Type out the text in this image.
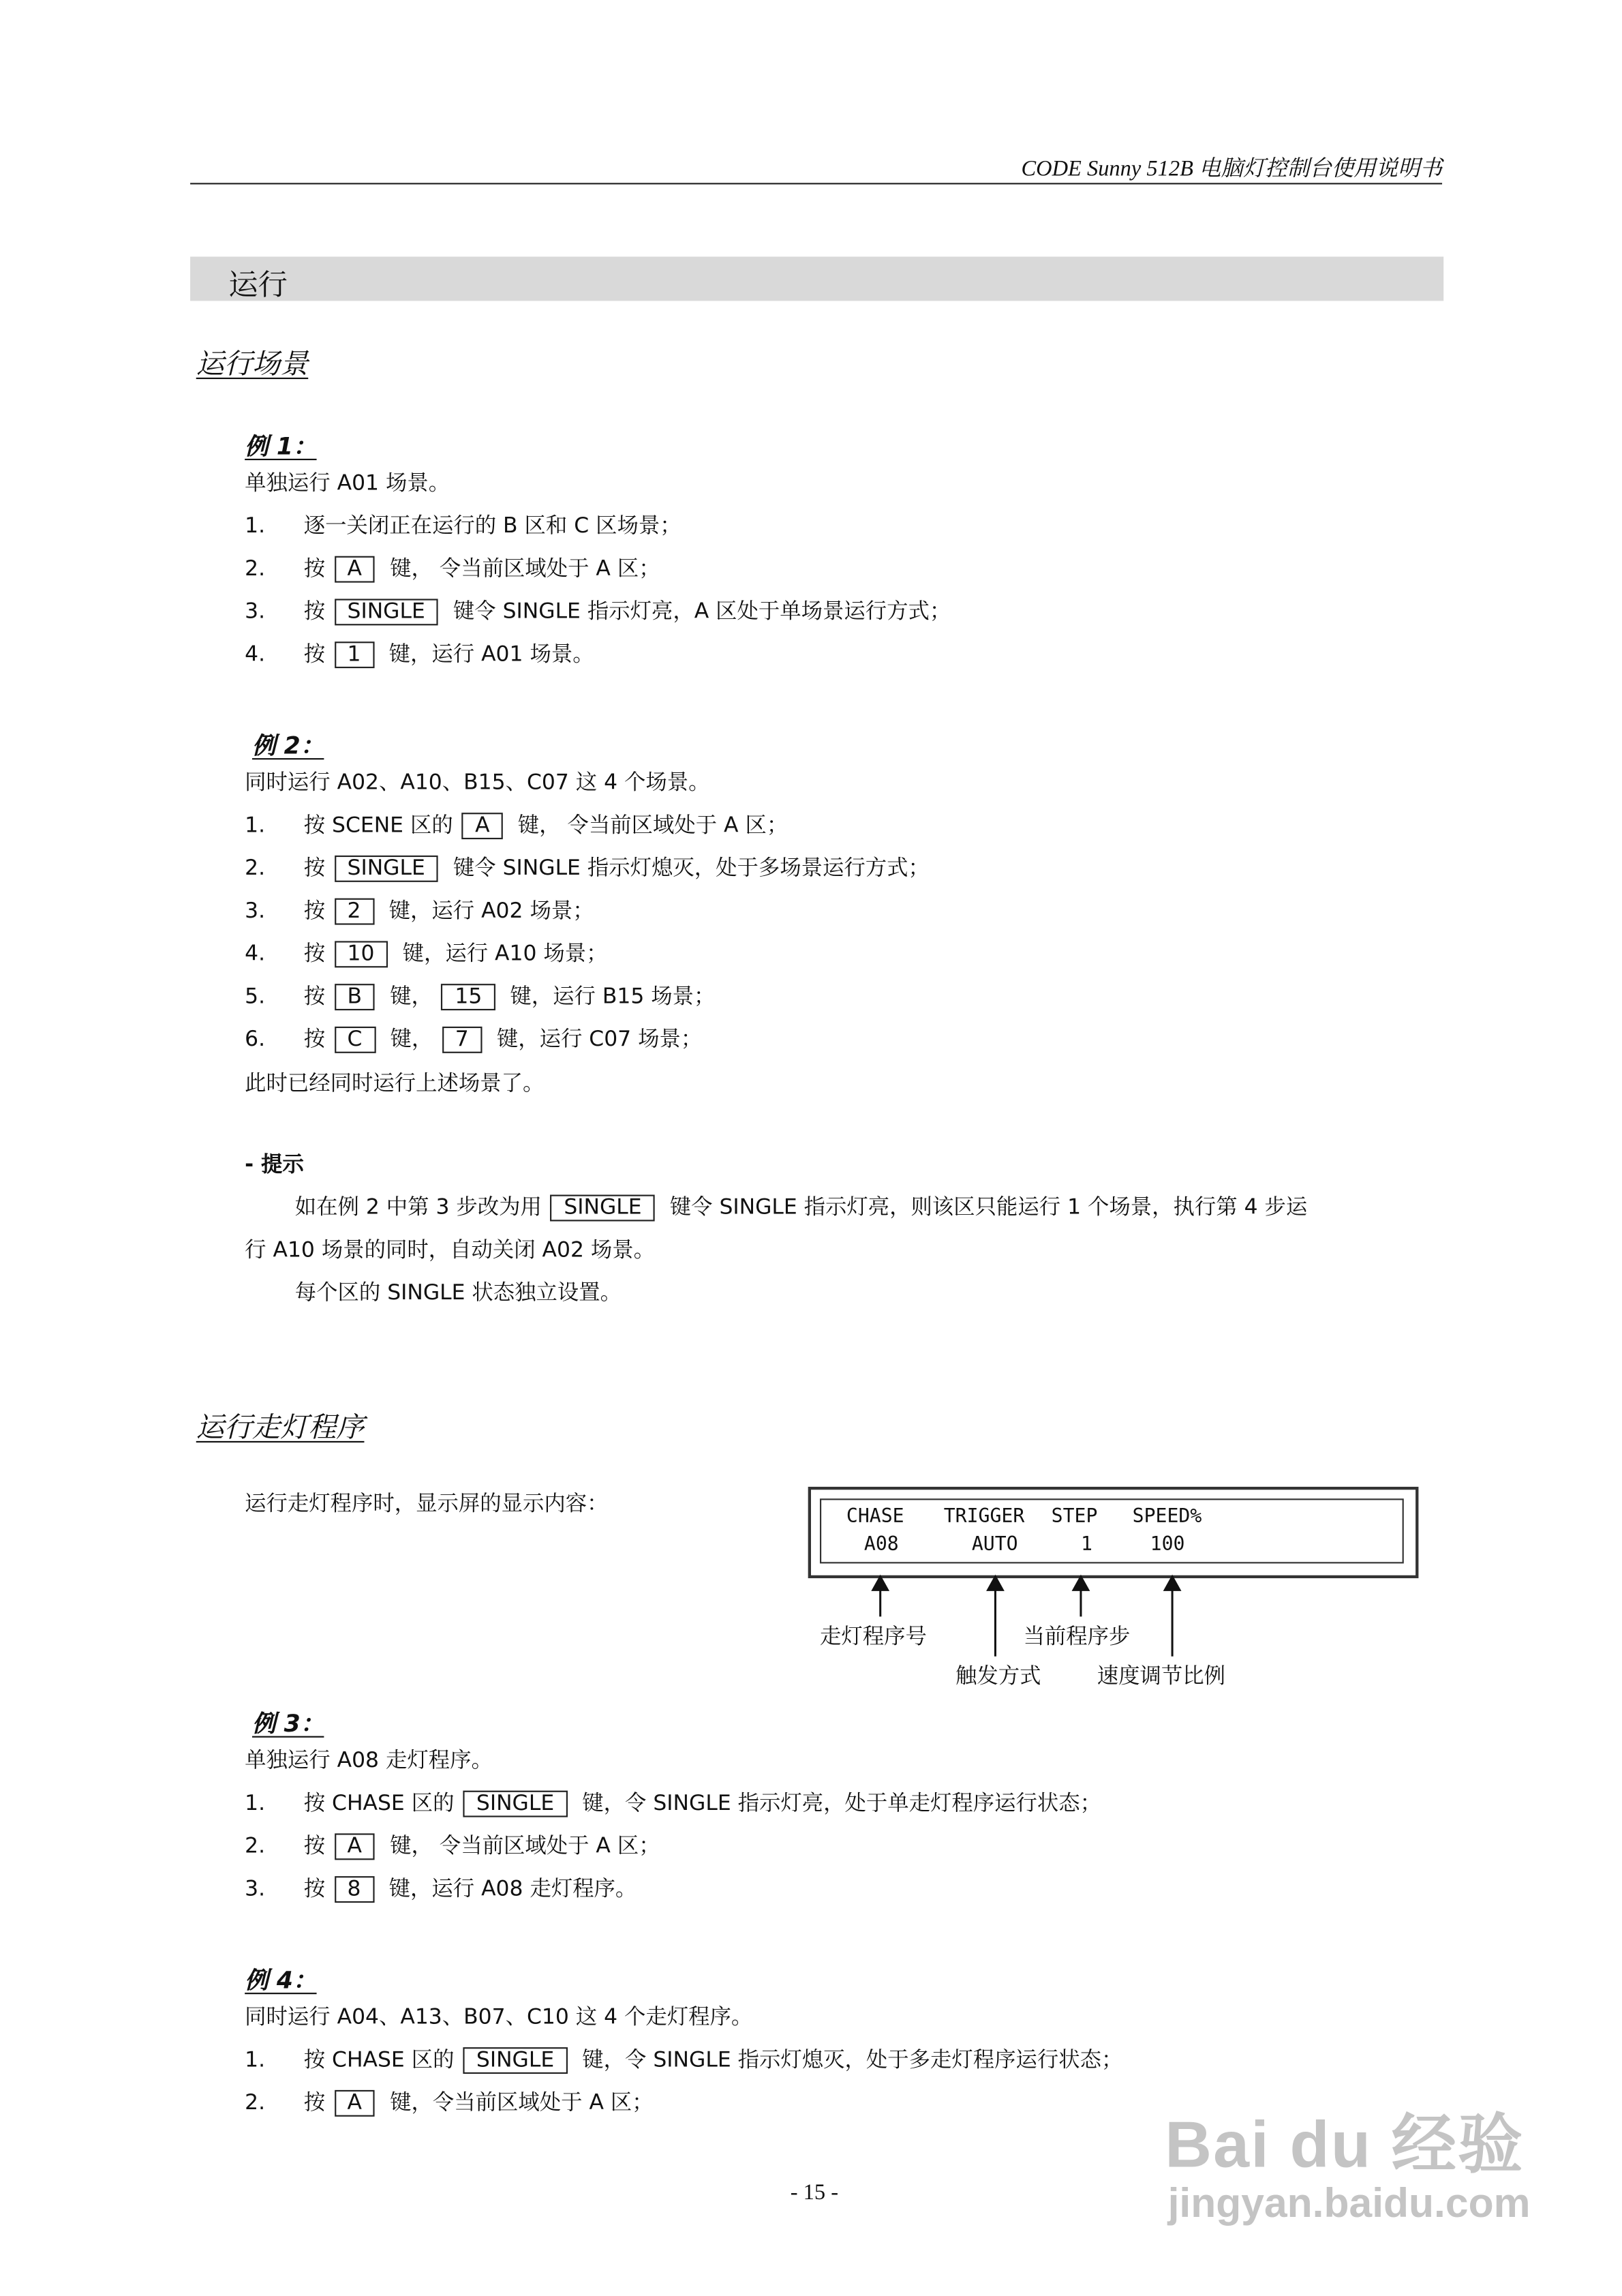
CODE Sunny 512B 电脑灯控制台使用说明书
运行
运行场景
例 1：
单独运行 A01 场景。
1.	逐一关闭正在运行的 B 区和 C 区场景；
2.	按 A	键， 令当前区域处于 A 区；
3.	按 SINGLE	键令 SINGLE 指示灯亮，A 区处于单场景运行方式；
4.	按 1	键，运行 A01 场景。
例 2：
同时运行 A02、A10、B15、C07 这 4 个场景。
1.	按 SCENE 区的 A	键， 令当前区域处于 A 区；
2.	按 SINGLE	键令 SINGLE 指示灯熄灭，处于多场景运行方式；
3.	按 2	键，运行 A02 场景；
4.	按 10	键，运行 A10 场景；
5.	按 B	键， 15	键，运行 B15 场景；
6.	按 C	键， 7	键，运行 C07 场景；
此时已经同时运行上述场景了。
- 提示
如在例 2 中第 3 步改为用 SINGLE	键令 SINGLE 指示灯亮，则该区只能运行 1 个场景，执行第 4 步运
行 A10 场景的同时，自动关闭 A02 场景。
每个区的 SINGLE 状态独立设置。
运行走灯程序
运行走灯程序时，显示屏的显示内容：
CHASE	TRIGGER	STEP	SPEED%
A08	AUTO	1	100
走灯程序号
触发方式
当前程序步
速度调节比例
例 3：
单独运行 A08 走灯程序。
1.	按 CHASE 区的 SINGLE	键，令 SINGLE 指示灯亮，处于单走灯程序运行状态；
2.	按 A	键， 令当前区域处于 A 区；
3.	按 8	键，运行 A08 走灯程序。
例 4：
同时运行 A04、A13、B07、C10 这 4 个走灯程序。
1.	按 CHASE 区的 SINGLE	键，令 SINGLE 指示灯熄灭，处于多走灯程序运行状态；
2.	按 A	键，令当前区域处于 A 区；
- 15 -
Bai du 经验
jingyan.baidu.com
